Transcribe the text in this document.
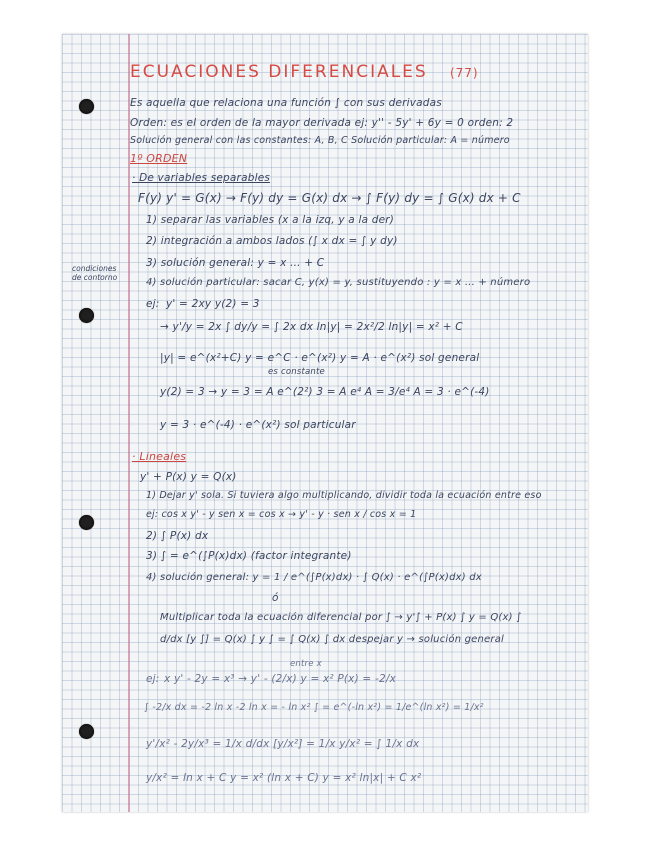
ECUACIONES DIFERENCIALES (77)
Es aquella que relaciona una función ∫ con sus derivadas
Orden: es el orden de la mayor derivada ej: y'' - 5y' + 6y = 0 orden: 2
Solución general con las constantes: A, B, C Solución particular: A = número
1º ORDEN
· De variables separables
F(y) y' = G(x) → F(y) dy = G(x) dx → ∫ F(y) dy = ∫ G(x) dx + C
1) separar las variables (x a la izq, y a la der)
2) integración a ambos lados (∫ x dx = ∫ y dy)
3) solución general: y = x ... + C
condiciones
de contorno	4) solución particular: sacar C, y(x) = y, sustituyendo : y = x ... + número
ej: y' = 2xy y(2) = 3
→ y'/y = 2x ∫ dy/y = ∫ 2x dx ln|y| = 2x²/2 ln|y| = x² + C
|y| = e^(x²+C) y = e^C · e^(x²) y = A · e^(x²) sol general
es constante
y(2) = 3 → y = 3 = A e^(2²) 3 = A e⁴ A = 3/e⁴ A = 3 · e^(-4)
y = 3 · e^(-4) · e^(x²) sol particular
· Lineales
y' + P(x) y = Q(x)
1) Dejar y' sola. Si tuviera algo multiplicando, dividir toda la ecuación entre eso
ej: cos x y' - y sen x = cos x → y' - y · sen x / cos x = 1
2) ∫ P(x) dx
3) ∫ = e^(∫P(x)dx) (factor integrante)
4) solución general: y = 1 / e^(∫P(x)dx) · ∫ Q(x) · e^(∫P(x)dx) dx
ó
Multiplicar toda la ecuación diferencial por ∫ → y'∫ + P(x) ∫ y = Q(x) ∫
d/dx [y ∫] = Q(x) ∫ y ∫ = ∫ Q(x) ∫ dx despejar y → solución general
ej:
entre x
x y' - 2y = x³ → y' - (2/x) y = x² P(x) = -2/x
∫ -2/x dx = -2 ln x -2 ln x = - ln x² ∫ = e^(-ln x²) = 1/e^(ln x²) = 1/x²
y'/x² - 2y/x³ = 1/x d/dx [y/x²] = 1/x y/x² = ∫ 1/x dx
y/x² = ln x + C y = x² (ln x + C) y = x² ln|x| + C x²
